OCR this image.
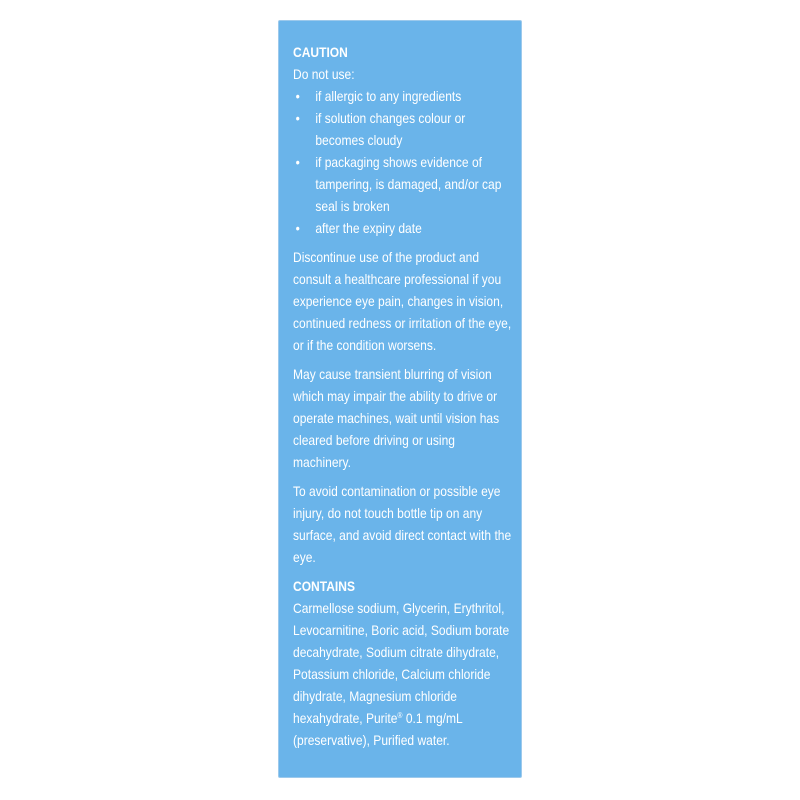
CAUTION
Do not use:
• if allergic to any ingredients
• if solution changes colour or becomes cloudy
• if packaging shows evidence of tampering, is damaged, and/or cap seal is broken
• after the expiry date

Discontinue use of the product and consult a healthcare professional if you experience eye pain, changes in vision, continued redness or irritation of the eye, or if the condition worsens.

May cause transient blurring of vision which may impair the ability to drive or operate machines, wait until vision has cleared before driving or using machinery.

To avoid contamination or possible eye injury, do not touch bottle tip on any surface, and avoid direct contact with the eye.

CONTAINS

Carmellose sodium, Glycerin, Erythritol, Levocarnitine, Boric acid, Sodium borate decahydrate, Sodium citrate dihydrate, Potassium chloride, Calcium chloride dihydrate, Magnesium chloride hexahydrate, Purite® 0.1 mg/mL (preservative), Purified water.
